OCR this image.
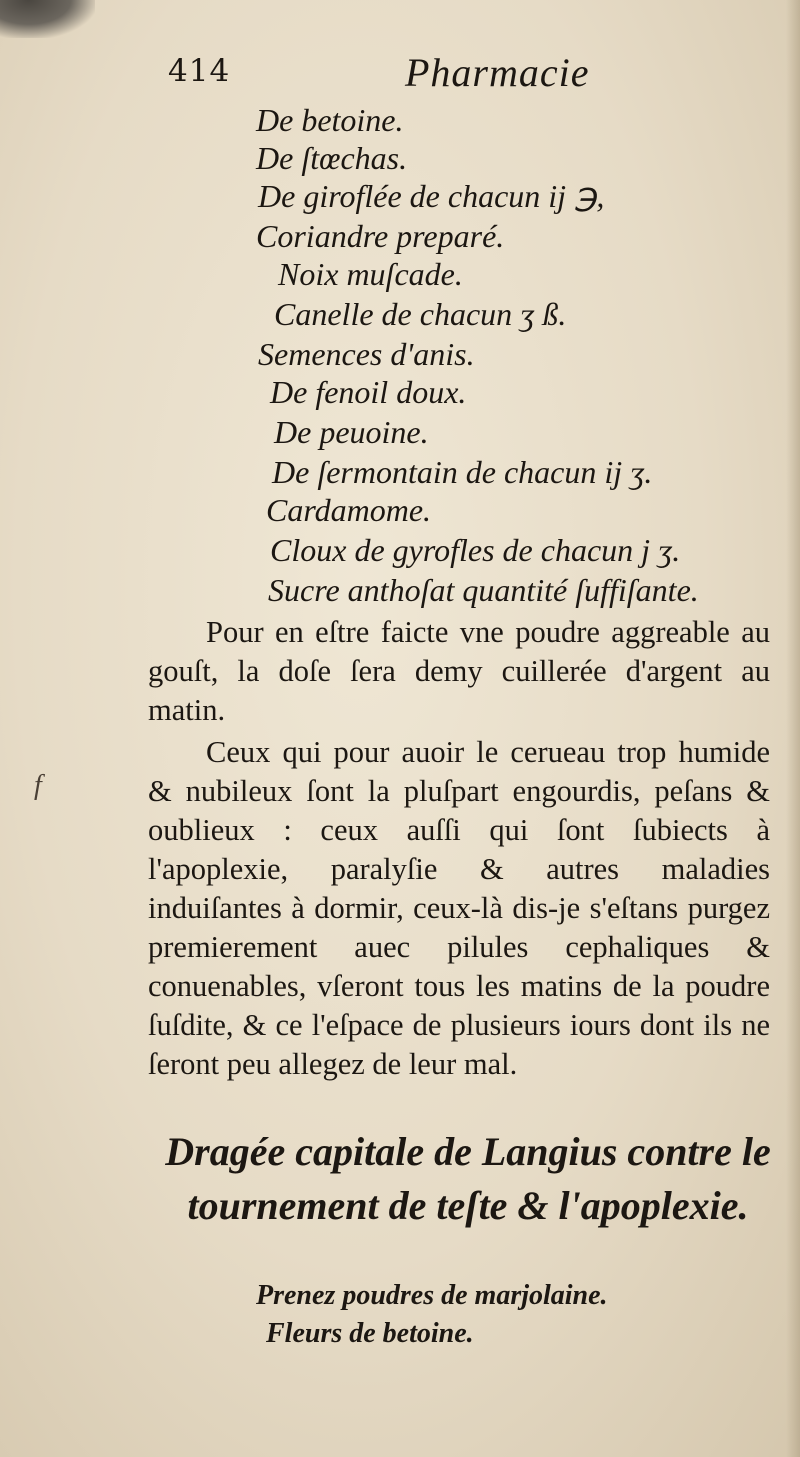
414	Pharmacie
De betoine.
De ſtœchas.
De giroflée de chacun ij ℈,
Coriandre preparé.
Noix muſcade.
Canelle de chacun ʒ ß.
Semences d'anis.
De fenoil doux.
De peuoine.
De ſermontain de chacun ij ʒ.
Cardamome.
Cloux de gyrofles de chacun j ʒ.
Sucre anthoſat quantité ſuffiſante.
Pour en eſtre faicte vne poudre aggreable au gouſt, la doſe ſera demy cuillerée d'argent au matin.
Ceux qui pour auoir le cerueau trop humide & nubileux ſont la pluſpart engourdis, peſans & oublieux : ceux auſſi qui ſont ſubiects à l'apoplexie, paralyſie & autres maladies induiſantes à dormir, ceux-là dis-je s'eſtans purgez premierement auec pilules cephaliques & conuenables, vſeront tous les matins de la poudre ſuſdite, & ce l'eſpace de plusieurs iours dont ils ne ſeront peu allegez de leur mal.
f
Dragée capitale de Langius contre le
tournement de teſte & l'apoplexie.
Prenez poudres de marjolaine.
Fleurs de betoine.
